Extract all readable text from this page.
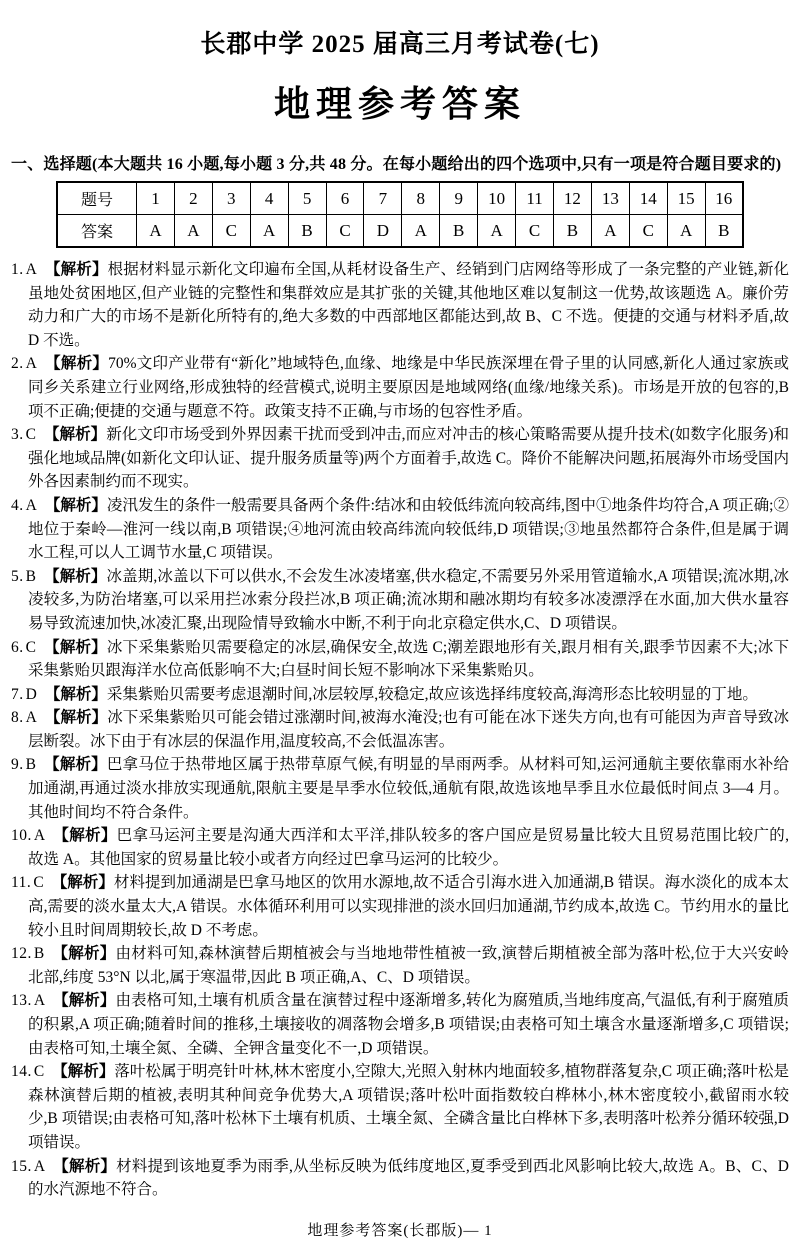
长郡中学 2025 届高三月考试卷(七)
地理参考答案

一、选择题(本大题共 16 小题,每小题 3 分,共 48 分。在每小题给出的四个选项中,只有一项是符合题目要求的)

题号	1	2	3	4	5	6	7	8	9	10	11	12	13	14	15	16
答案	A	A	C	A	B	C	D	A	B	A	C	B	A	C	A	B

1. A 【解析】根据材料显示新化文印遍布全国,从耗材设备生产、经销到门店网络等形成了一条完整的产业链,新化虽地处贫困地区,但产业链的完整性和集群效应是其扩张的关键,其他地区难以复制这一优势,故该题选 A。廉价劳动力和广大的市场不是新化所特有的,绝大多数的中西部地区都能达到,故 B、C 不选。便捷的交通与材料矛盾,故 D 不选。

2. A 【解析】70%文印产业带有“新化”地域特色,血缘、地缘是中华民族深埋在骨子里的认同感,新化人通过家族或同乡关系建立行业网络,形成独特的经营模式,说明主要原因是地域网络(血缘/地缘关系)。市场是开放的包容的,B 项不正确;便捷的交通与题意不符。政策支持不正确,与市场的包容性矛盾。

3. C 【解析】新化文印市场受到外界因素干扰而受到冲击,而应对冲击的核心策略需要从提升技术(如数字化服务)和强化地域品牌(如新化文印认证、提升服务质量等)两个方面着手,故选 C。降价不能解决问题,拓展海外市场受国内外各因素制约而不现实。

4. A 【解析】凌汛发生的条件一般需要具备两个条件:结冰和由较低纬流向较高纬,图中①地条件均符合,A 项正确;②地位于秦岭—淮河一线以南,B 项错误;④地河流由较高纬流向较低纬,D 项错误;③地虽然都符合条件,但是属于调水工程,可以人工调节水量,C 项错误。

5. B 【解析】冰盖期,冰盖以下可以供水,不会发生冰凌堵塞,供水稳定,不需要另外采用管道输水,A 项错误;流冰期,冰凌较多,为防治堵塞,可以采用拦冰索分段拦冰,B 项正确;流冰期和融冰期均有较多冰凌漂浮在水面,加大供水量容易导致流速加快,冰凌汇聚,出现险情导致输水中断,不利于向北京稳定供水,C、D 项错误。

6. C 【解析】冰下采集紫贻贝需要稳定的冰层,确保安全,故选 C;潮差跟地形有关,跟月相有关,跟季节因素不大;冰下采集紫贻贝跟海洋水位高低影响不大;白昼时间长短不影响冰下采集紫贻贝。

7. D 【解析】采集紫贻贝需要考虑退潮时间,冰层较厚,较稳定,故应该选择纬度较高,海湾形态比较明显的丁地。

8. A 【解析】冰下采集紫贻贝可能会错过涨潮时间,被海水淹没;也有可能在冰下迷失方向,也有可能因为声音导致冰层断裂。冰下由于有冰层的保温作用,温度较高,不会低温冻害。

9. B 【解析】巴拿马位于热带地区属于热带草原气候,有明显的旱雨两季。从材料可知,运河通航主要依靠雨水补给加通湖,再通过淡水排放实现通航,限航主要是旱季水位较低,通航有限,故选该地旱季且水位最低时间点 3—4 月。其他时间均不符合条件。

10. A 【解析】巴拿马运河主要是沟通大西洋和太平洋,排队较多的客户国应是贸易量比较大且贸易范围比较广的,故选 A。其他国家的贸易量比较小或者方向经过巴拿马运河的比较少。

11. C 【解析】材料提到加通湖是巴拿马地区的饮用水源地,故不适合引海水进入加通湖,B 错误。海水淡化的成本太高,需要的淡水量太大,A 错误。水体循环利用可以实现排泄的淡水回归加通湖,节约成本,故选 C。节约用水的量比较小且时间周期较长,故 D 不考虑。

12. B 【解析】由材料可知,森林演替后期植被会与当地地带性植被一致,演替后期植被全部为落叶松,位于大兴安岭北部,纬度 53°N 以北,属于寒温带,因此 B 项正确,A、C、D 项错误。

13. A 【解析】由表格可知,土壤有机质含量在演替过程中逐渐增多,转化为腐殖质,当地纬度高,气温低,有利于腐殖质的积累,A 项正确;随着时间的推移,土壤接收的凋落物会增多,B 项错误;由表格可知土壤含水量逐渐增多,C 项错误;由表格可知,土壤全氮、全磷、全钾含量变化不一,D 项错误。

14. C 【解析】落叶松属于明亮针叶林,林木密度小,空隙大,光照入射林内地面较多,植物群落复杂,C 项正确;落叶松是森林演替后期的植被,表明其种间竞争优势大,A 项错误;落叶松叶面指数较白桦林小,林木密度较小,截留雨水较少,B 项错误;由表格可知,落叶松林下土壤有机质、土壤全氮、全磷含量比白桦林下多,表明落叶松养分循环较强,D 项错误。

15. A 【解析】材料提到该地夏季为雨季,从坐标反映为低纬度地区,夏季受到西北风影响比较大,故选 A。B、C、D 的水汽源地不符合。

地理参考答案(长郡版)— 1
